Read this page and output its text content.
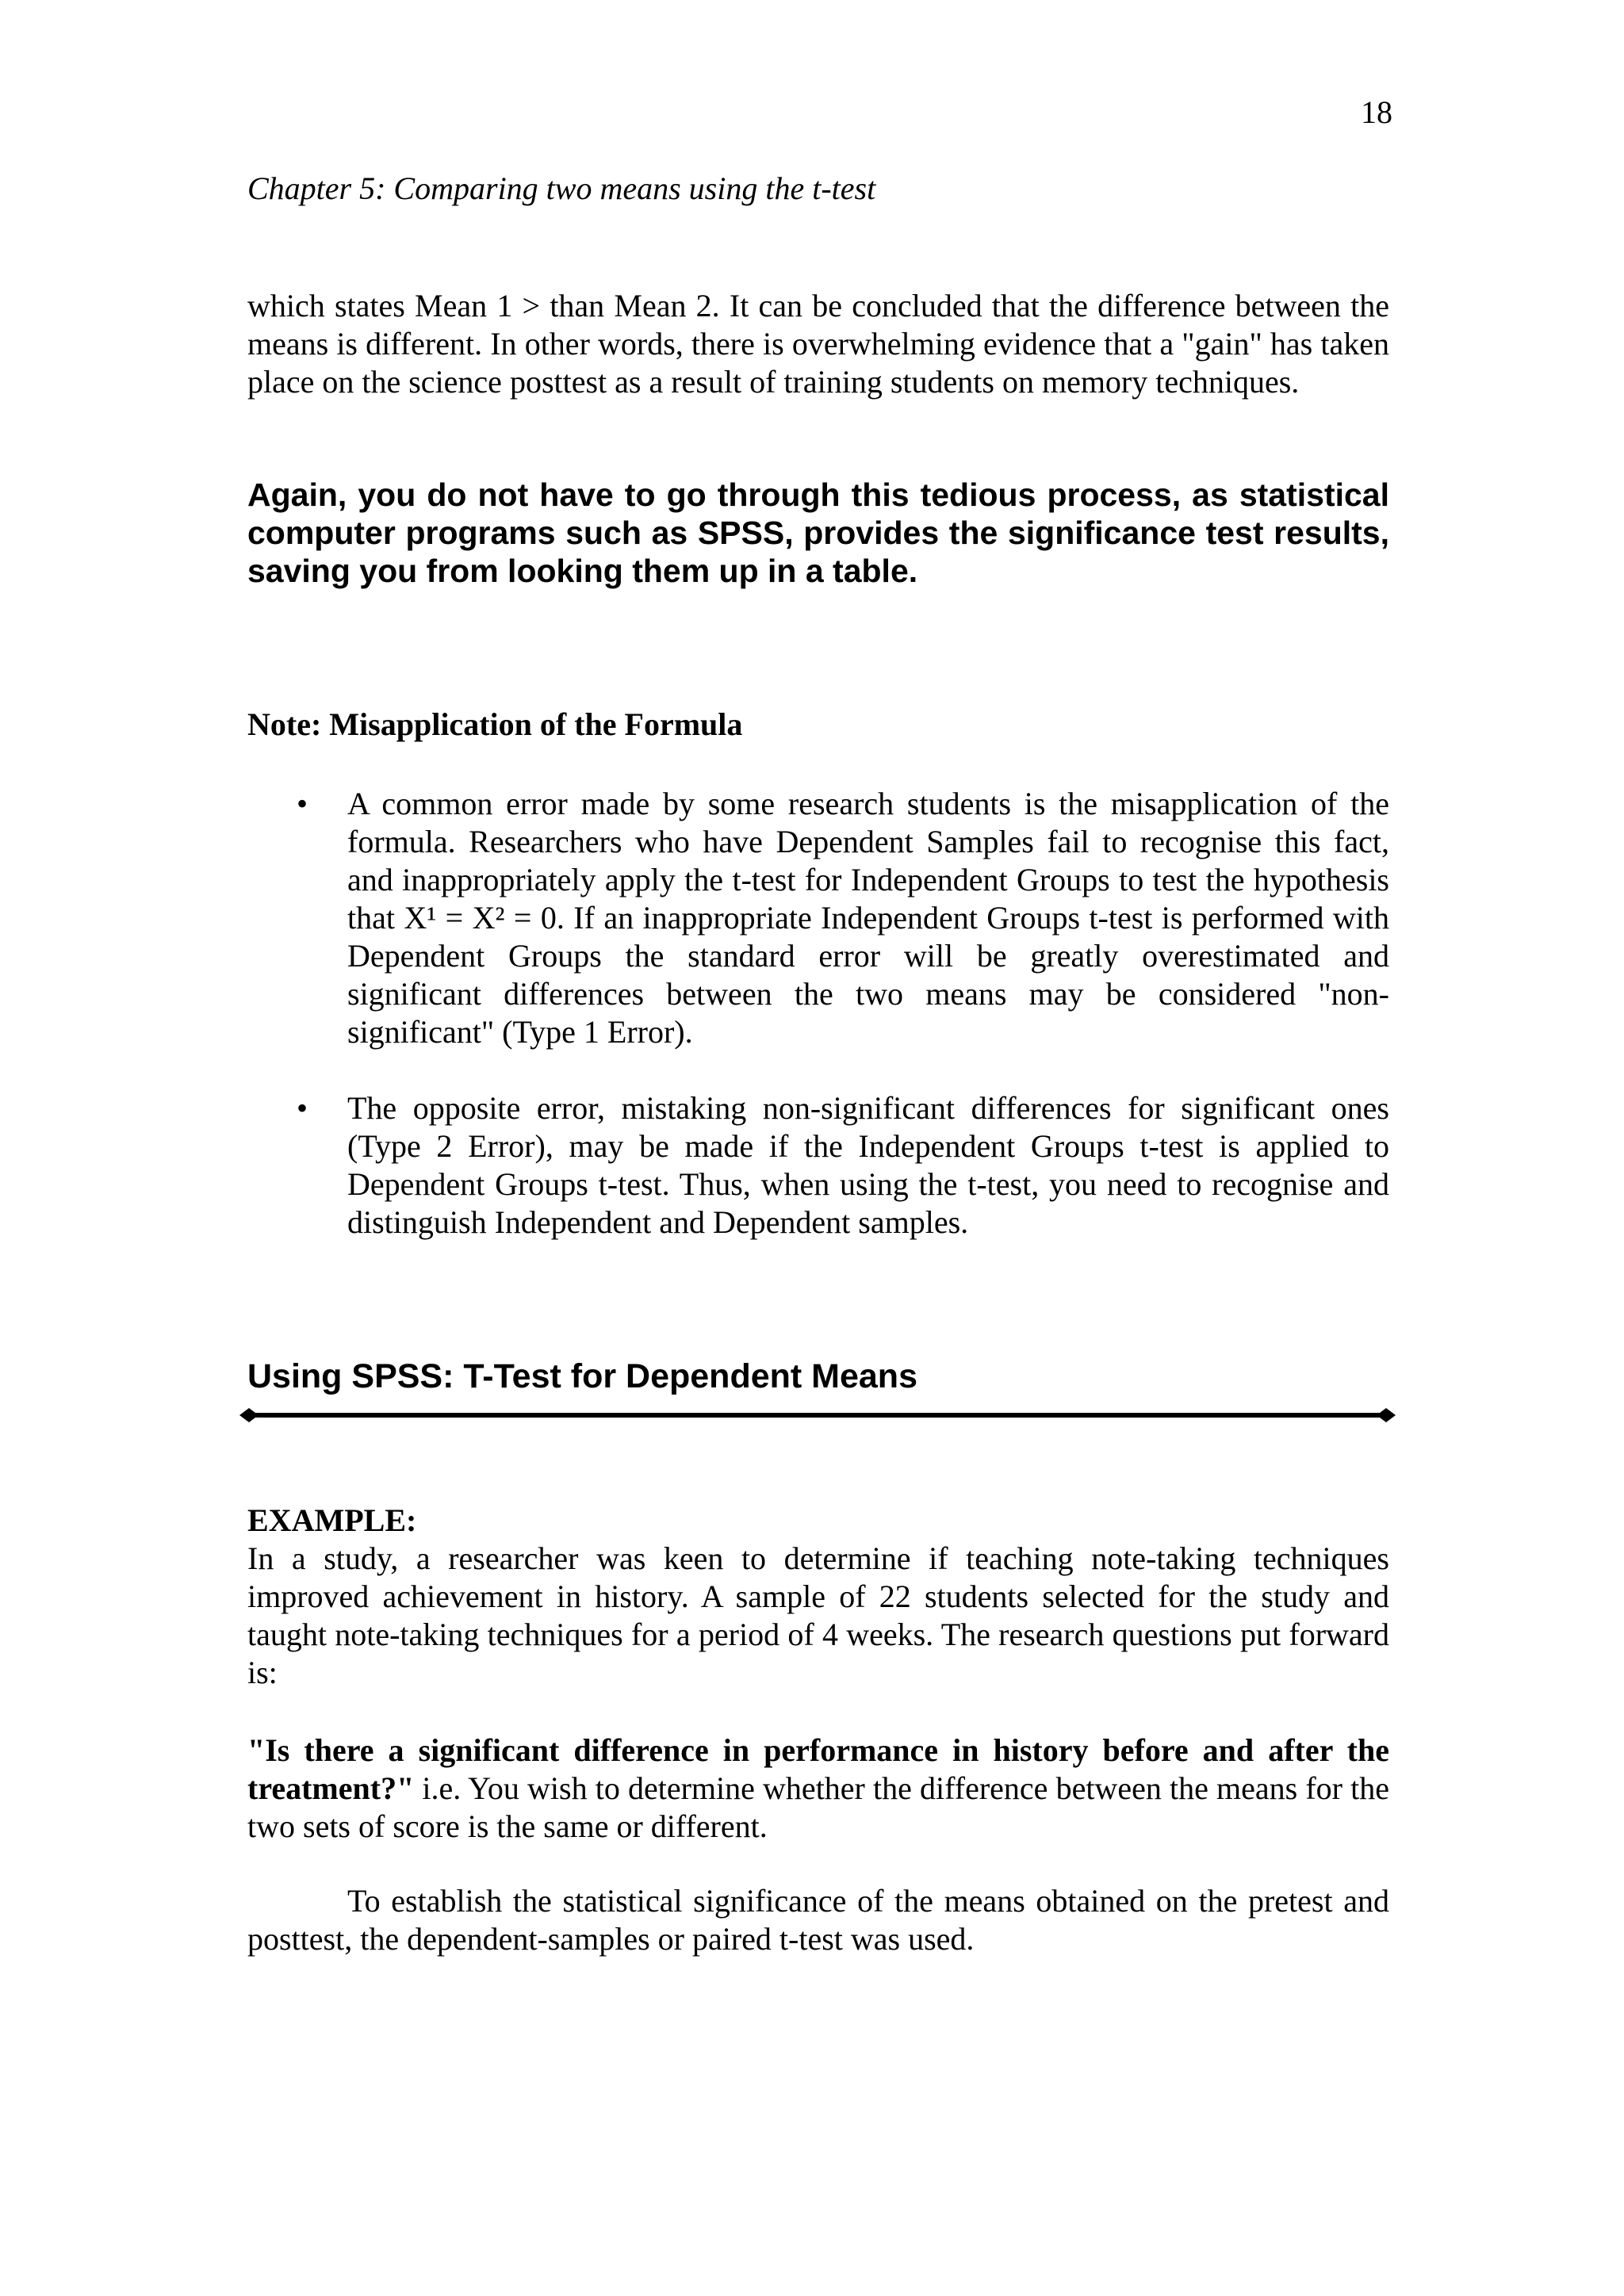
18
Chapter 5: Comparing two means using the t-test
which states Mean 1 > than Mean 2. It can be concluded that the difference between the means is different. In other words, there is overwhelming evidence that a "gain" has taken place on the science posttest as a result of training students on memory techniques.
Again, you do not have to go through this tedious process, as statistical computer programs such as SPSS, provides the significance test results, saving you from looking them up in a table.
Note: Misapplication of the Formula
• A common error made by some research students is the misapplication of the formula. Researchers who have Dependent Samples fail to recognise this fact, and inappropriately apply the t-test for Independent Groups to test the hypothesis that X¹ = X² = 0. If an inappropriate Independent Groups t-test is performed with Dependent Groups the standard error will be greatly overestimated and significant differences between the two means may be considered "non-significant" (Type 1 Error).
• The opposite error, mistaking non-significant differences for significant ones (Type 2 Error), may be made if the Independent Groups t-test is applied to Dependent Groups t-test. Thus, when using the t-test, you need to recognise and distinguish Independent and Dependent samples.
Using SPSS: T-Test for Dependent Means
EXAMPLE:
In a study, a researcher was keen to determine if teaching note-taking techniques improved achievement in history. A sample of 22 students selected for the study and taught note-taking techniques for a period of 4 weeks. The research questions put forward is:
"Is there a significant difference in performance in history before and after the treatment?" i.e. You wish to determine whether the difference between the means for the two sets of score is the same or different.
To establish the statistical significance of the means obtained on the pretest and posttest, the dependent-samples or paired t-test was used.
